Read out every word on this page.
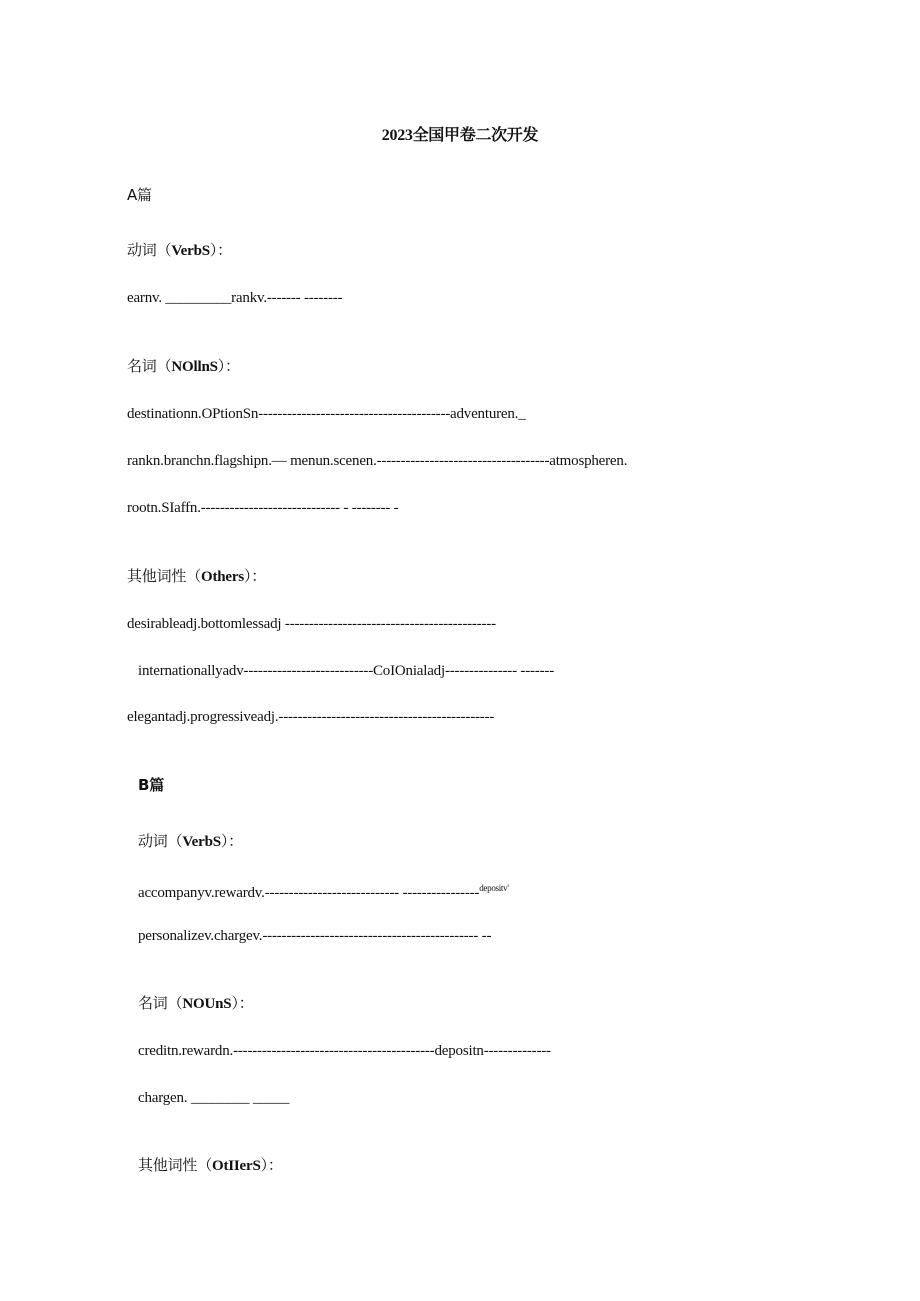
2023全国甲卷二次开发
A篇
动词（VerbS）：
earnv. _________rankv.------- --------
名词（NOllnS）：
destinationn.OPtionSn----------------------------------------adventuren._
rankn.branchn.flagshipn.— menun.scenen.------------------------------------atmospheren.
rootn.SIaffn.----------------------------- - -------- -
其他词性（Others）：
desirableadj.bottomlessadj --------------------------------------------
internationallyadv---------------------------CoIOnialadj--------------- -------
elegantadj.progressiveadj.---------------------------------------------
B篇
动词（VerbS）：
accompanyv.rewardv.---------------------------- ----------------$^{depositv'}$
personalizev.chargev.--------------------------------------------- --
名词（NOUnS）：
creditn.rewardn.------------------------------------------depositn--------------
chargen. ________ _____
其他词性（OtIIerS）：
